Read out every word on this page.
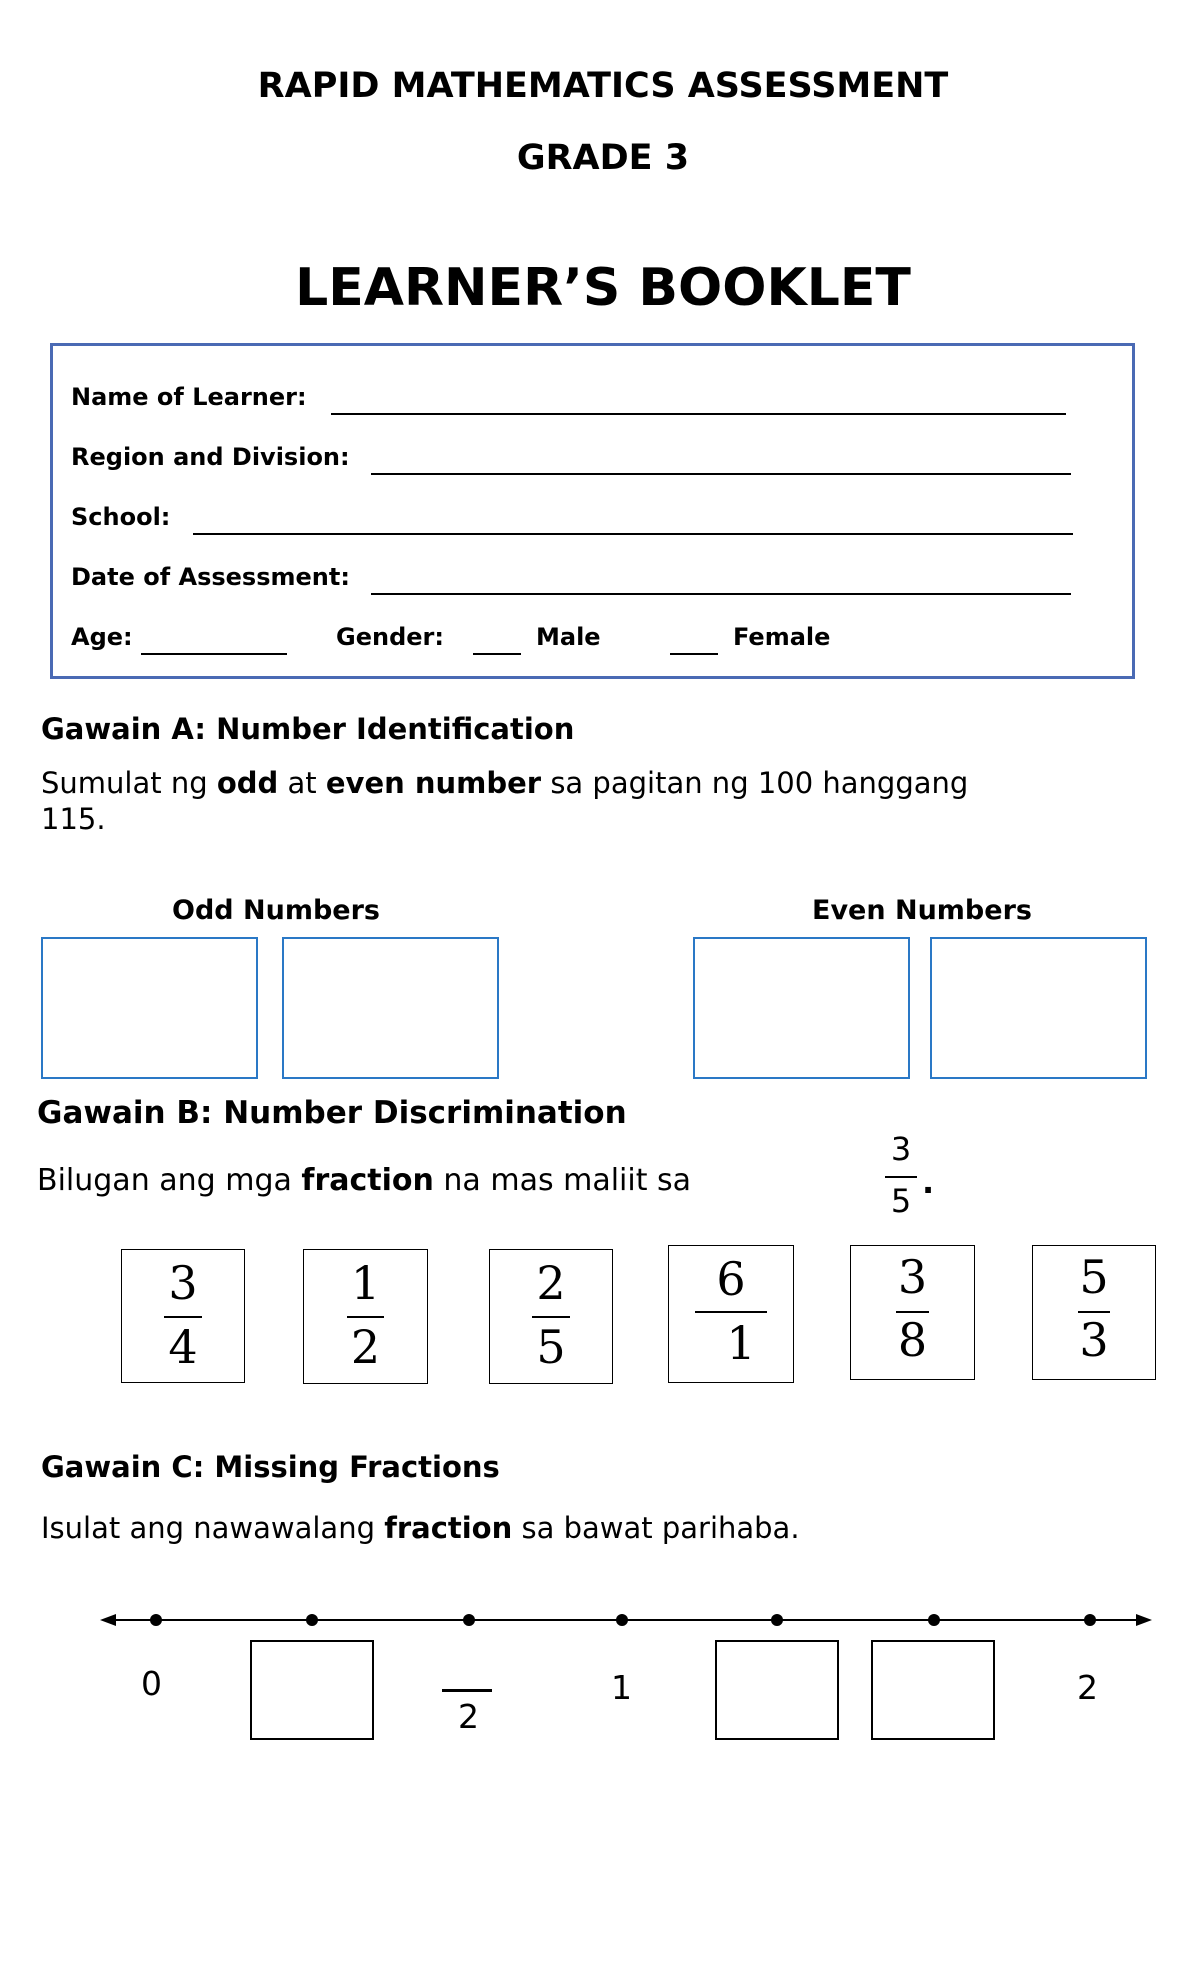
RAPID MATHEMATICS ASSESSMENT
GRADE 3
LEARNER’S BOOKLET
Name of Learner:
Region and Division:
School:
Date of Assessment:
Age:	Gender:	Male	Female
Gawain A: Number Identification
Sumulat ng odd at even number sa pagitan ng 100 hanggang
115.
Odd Numbers	Even Numbers
Gawain B: Number Discrimination
Bilugan ang mga fraction na mas maliit sa
3
5 .
3
4
1
2
2
5
6
1
3
8
5
3
Gawain C: Missing Fractions
Isulat ang nawawalang fraction sa bawat parihaba.
0
2
1	2
